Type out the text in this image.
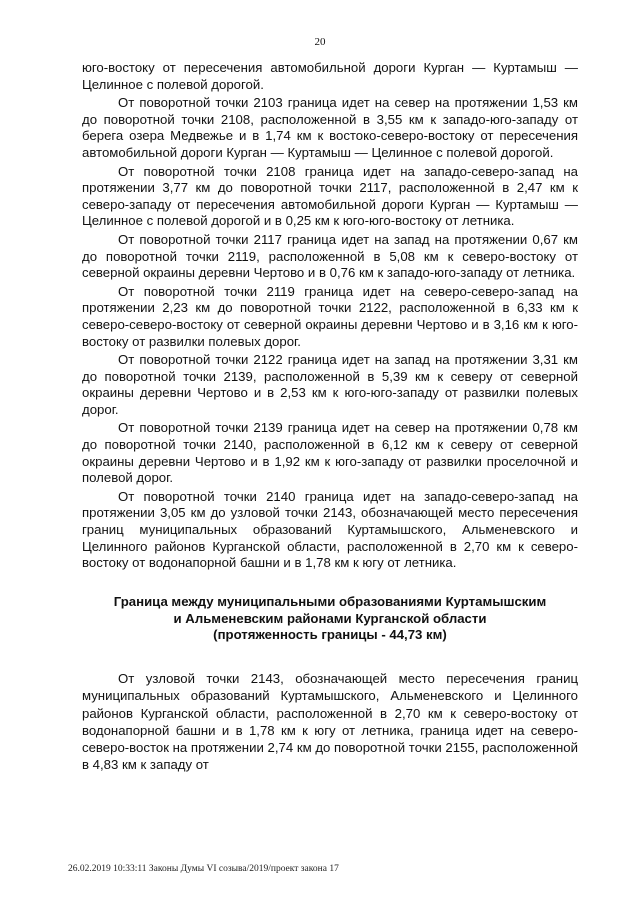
20

юго-востоку от пересечения автомобильной дороги Курган — Куртамыш — Целинное с полевой дорогой.

От поворотной точки 2103 граница идет на север на протяжении 1,53 км до поворотной точки 2108, расположенной в 3,55 км к западо-юго-западу от берега озера Медвежье и в 1,74 км к востоко-северо-востоку от пересечения автомобильной дороги Курган — Куртамыш — Целинное с полевой дорогой.

От поворотной точки 2108 граница идет на западо-северо-запад на протяжении 3,77 км до поворотной точки 2117, расположенной в 2,47 км к северо-западу от пересечения автомобильной дороги Курган — Куртамыш — Целинное с полевой дорогой и в 0,25 км к юго-юго-востоку от летника.

От поворотной точки 2117 граница идет на запад на протяжении 0,67 км до поворотной точки 2119, расположенной в 5,08 км к северо-востоку от северной окраины деревни Чертово и в 0,76 км к западо-юго-западу от летника.

От поворотной точки 2119 граница идет на северо-северо-запад на протяжении 2,23 км до поворотной точки 2122, расположенной в 6,33 км к северо-северо-востоку от северной окраины деревни Чертово и в 3,16 км к юго-востоку от развилки полевых дорог.

От поворотной точки 2122 граница идет на запад на протяжении 3,31 км до поворотной точки 2139, расположенной в 5,39 км к северу от северной окраины деревни Чертово и в 2,53 км к юго-юго-западу от развилки полевых дорог.

От поворотной точки 2139 граница идет на север на протяжении 0,78 км до поворотной точки 2140, расположенной в 6,12 км к северу от северной окраины деревни Чертово и в 1,92 км к юго-западу от развилки проселочной и полевой дорог.

От поворотной точки 2140 граница идет на западо-северо-запад на протяжении 3,05 км до узловой точки 2143, обозначающей место пересечения границ муниципальных образований Куртамышского, Альменевского и Целинного районов Курганской области, расположенной в 2,70 км к северо-востоку от водонапорной башни и в 1,78 км к югу от летника.

Граница между муниципальными образованиями Куртамышским
и Альменевским районами Курганской области
(протяженность границы - 44,73 км)

От узловой точки 2143, обозначающей место пересечения границ муниципальных образований Куртамышского, Альменевского и Целинного районов Курганской области, расположенной в 2,70 км к северо-востоку от водонапорной башни и в 1,78 км к югу от летника, граница идет на северо-северо-восток на протяжении 2,74 км до поворотной точки 2155, расположенной в 4,83 км к западу от

26.02.2019 10:33:11 Законы Думы VI созыва/2019/проект закона 17
